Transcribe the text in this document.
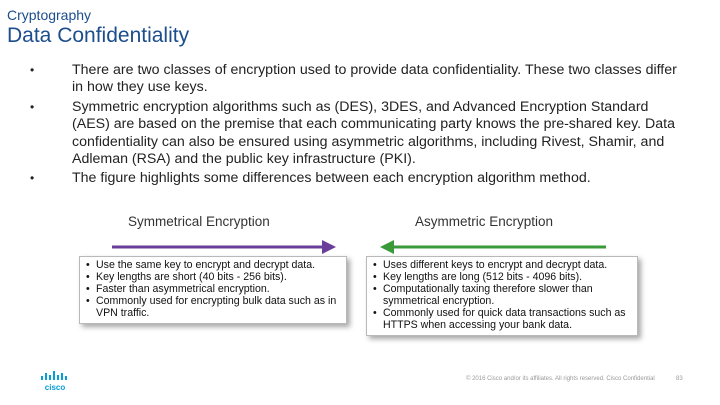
Cryptography
Data Confidentiality
•	There are two classes of encryption used to provide data confidentiality. These two classes differ in how they use keys.
•	Symmetric encryption algorithms such as (DES), 3DES, and Advanced Encryption Standard (AES) are based on the premise that each communicating party knows the pre-shared key. Data confidentiality can also be ensured using asymmetric algorithms, including Rivest, Shamir, and Adleman (RSA) and the public key infrastructure (PKI).
•	The figure highlights some differences between each encryption algorithm method.
Symmetrical Encryption
• Use the same key to encrypt and decrypt data.
• Key lengths are short (40 bits - 256 bits).
• Faster than asymmetrical encryption.
• Commonly used for encrypting bulk data such as in VPN traffic.
Asymmetric Encryption
• Uses different keys to encrypt and decrypt data.
• Key lengths are long (512 bits - 4096 bits).
• Computationally taxing therefore slower than symmetrical encryption.
• Commonly used for quick data transactions such as HTTPS when accessing your bank data.
cisco
© 2016 Cisco and/or its affiliates. All rights reserved. Cisco Confidential	83
